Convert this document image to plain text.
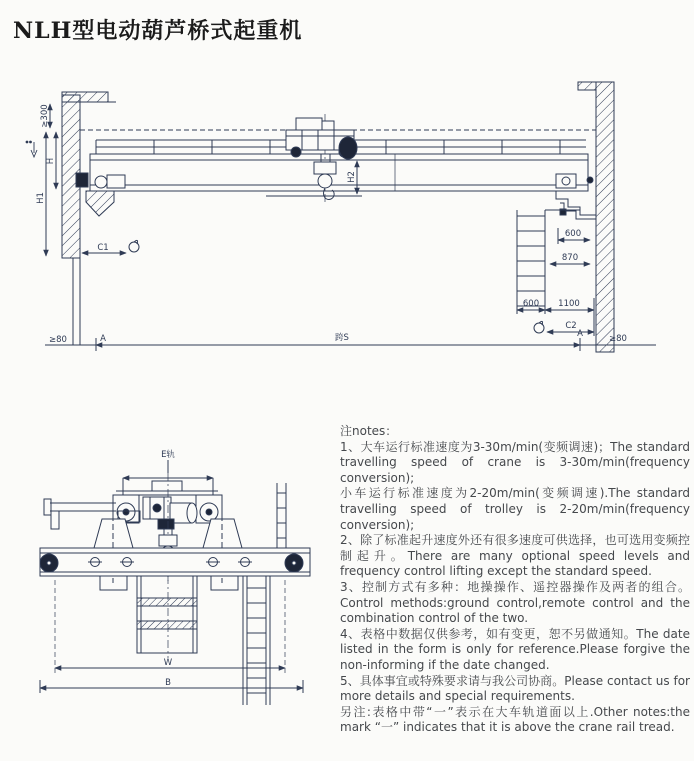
NLH型电动葫芦桥式起重机
≥300
H
H1
H2
C1
A
≥80	跨S
600
870
600 1100
C2
A	≥80
E轨
W
B

注notes：

1、大车运行标准速度为3-30m/min(变频调速)；The standard travelling speed of crane is 3-30m/min(frequency conversion);

小车运行标准速度为2-20m/min(变频调速).The standard travelling speed of trolley is 2-20m/min(frequency conversion);

2、除了标准起升速度外还有很多速度可供选择，也可选用变频控制起升。There are many optional speed levels and frequency control lifting except the standard speed.

3、控制方式有多种：地操操作、遥控器操作及两者的组合。Control methods:ground control,remote control and the combination control of the two.

4、表格中数据仅供参考，如有变更，恕不另做通知。The date listed in the form is only for reference.Please forgive the non-informing if the date changed.

5、具体事宜或特殊要求请与我公司协商。Please contact us for more details and special requirements.

另注:表格中带“一”表示在大车轨道面以上.Other notes:the mark “一” indicates that it is above the crane rail tread.
